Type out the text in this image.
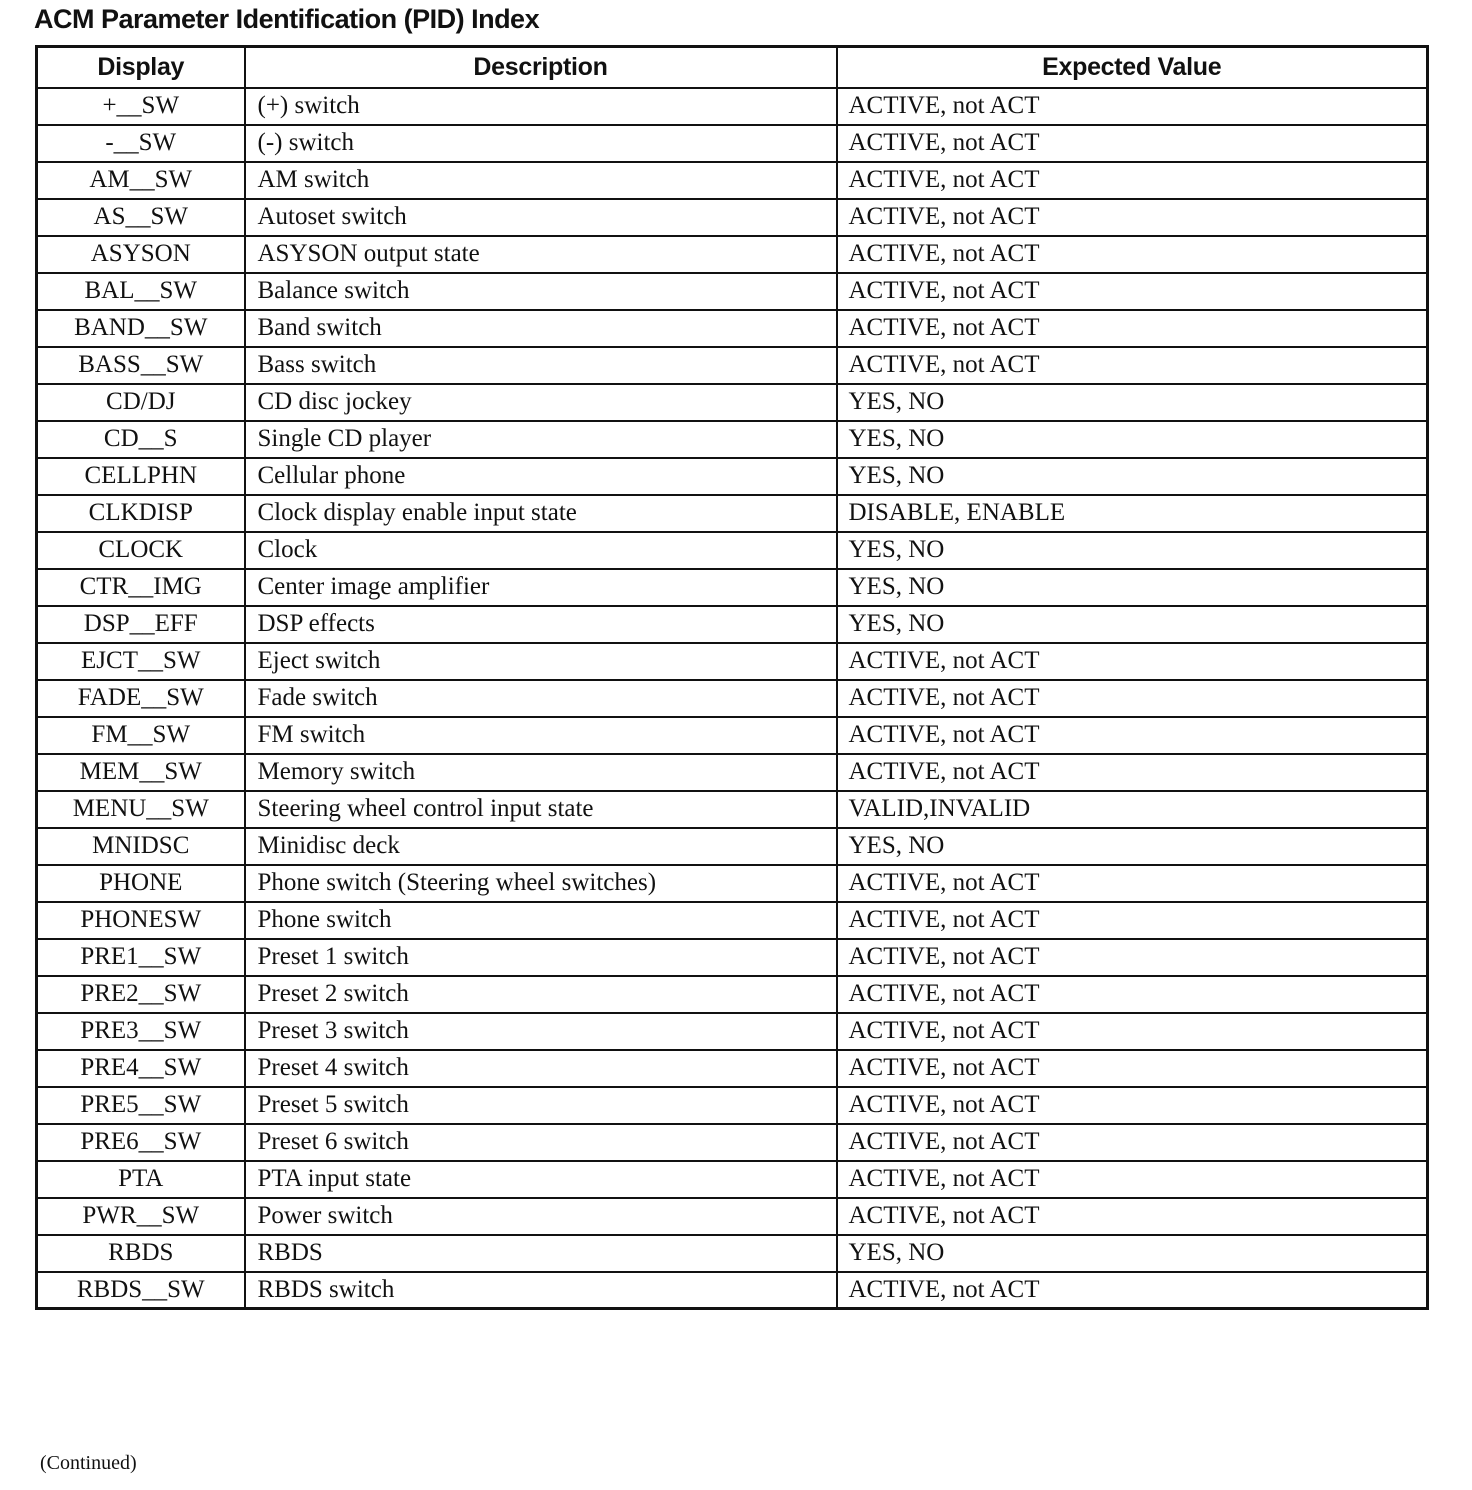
ACM Parameter Identification (PID) Index
Display	Description	Expected Value
+__SW	(+) switch	ACTIVE, not ACT
-__SW	(-) switch	ACTIVE, not ACT
AM__SW	AM switch	ACTIVE, not ACT
AS__SW	Autoset switch	ACTIVE, not ACT
ASYSON	ASYSON output state	ACTIVE, not ACT
BAL__SW	Balance switch	ACTIVE, not ACT
BAND__SW	Band switch	ACTIVE, not ACT
BASS__SW	Bass switch	ACTIVE, not ACT
CD/DJ	CD disc jockey	YES, NO
CD__S	Single CD player	YES, NO
CELLPHN	Cellular phone	YES, NO
CLKDISP	Clock display enable input state	DISABLE, ENABLE
CLOCK	Clock	YES, NO
CTR__IMG	Center image amplifier	YES, NO
DSP__EFF	DSP effects	YES, NO
EJCT__SW	Eject switch	ACTIVE, not ACT
FADE__SW	Fade switch	ACTIVE, not ACT
FM__SW	FM switch	ACTIVE, not ACT
MEM__SW	Memory switch	ACTIVE, not ACT
MENU__SW	Steering wheel control input state	VALID,INVALID
MNIDSC	Minidisc deck	YES, NO
PHONE	Phone switch (Steering wheel switches)	ACTIVE, not ACT
PHONESW	Phone switch	ACTIVE, not ACT
PRE1__SW	Preset 1 switch	ACTIVE, not ACT
PRE2__SW	Preset 2 switch	ACTIVE, not ACT
PRE3__SW	Preset 3 switch	ACTIVE, not ACT
PRE4__SW	Preset 4 switch	ACTIVE, not ACT
PRE5__SW	Preset 5 switch	ACTIVE, not ACT
PRE6__SW	Preset 6 switch	ACTIVE, not ACT
PTA	PTA input state	ACTIVE, not ACT
PWR__SW	Power switch	ACTIVE, not ACT
RBDS	RBDS	YES, NO
RBDS__SW	RBDS switch	ACTIVE, not ACT
(Continued)
